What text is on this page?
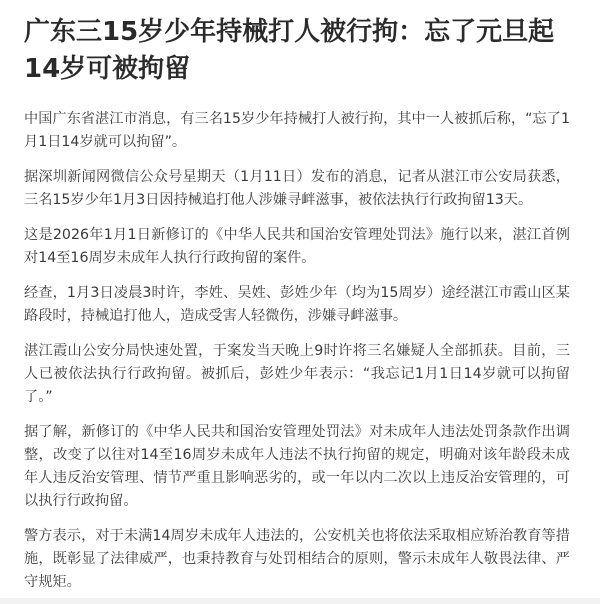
广东三15岁少年持械打人被行拘：忘了元旦起14岁可被拘留

中国广东省湛江市消息，有三名15岁少年持械打人被行拘，其中一人被抓后称，“忘了1月1日14岁就可以拘留”。

据深圳新闻网微信公众号星期天（1月11日）发布的消息，记者从湛江市公安局获悉，三名15岁少年1月3日因持械追打他人涉嫌寻衅滋事，被依法执行行政拘留13天。

这是2026年1月1日新修订的《中华人民共和国治安管理处罚法》施行以来，湛江首例对14至16周岁未成年人执行行政拘留的案件。

经查，1月3日凌晨3时许，李姓、吴姓、彭姓少年（均为15周岁）途经湛江市霞山区某路段时，持械追打他人，造成受害人轻微伤，涉嫌寻衅滋事。

湛江霞山公安分局快速处置，于案发当天晚上9时许将三名嫌疑人全部抓获。目前，三人已被依法执行行政拘留。被抓后，彭姓少年表示：“我忘记1月1日14岁就可以拘留了。”

据了解，新修订的《中华人民共和国治安管理处罚法》对未成年人违法处罚条款作出调整，改变了以往对14至16周岁未成年人违法不执行拘留的规定，明确对该年龄段未成年人违反治安管理、情节严重且影响恶劣的，或一年以内二次以上违反治安管理的，可以执行行政拘留。

警方表示，对于未满14周岁未成年人违法的，公安机关也将依法采取相应矫治教育等措施，既彰显了法律威严，也秉持教育与处罚相结合的原则，警示未成年人敬畏法律、严守规矩。
